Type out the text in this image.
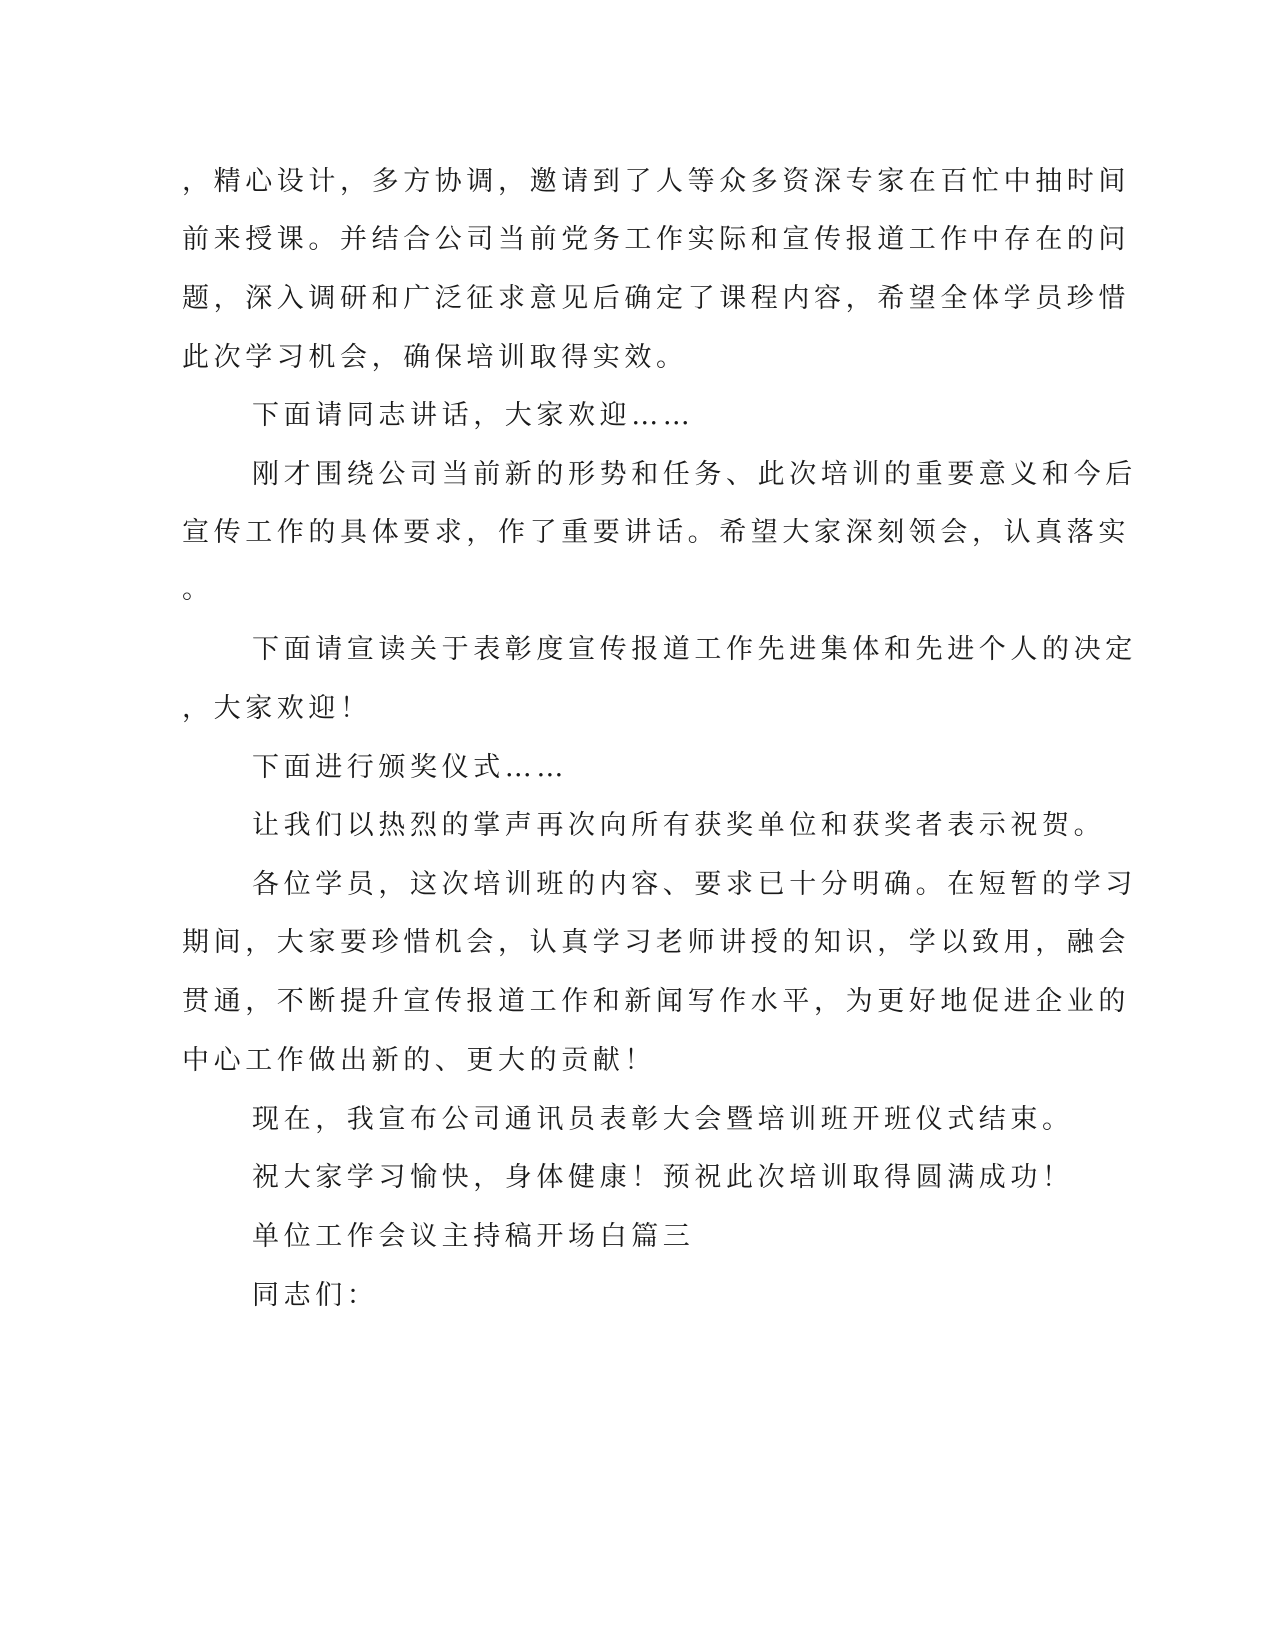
，精心设计，多方协调，邀请到了人等众多资深专家在百忙中抽时间
前来授课。并结合公司当前党务工作实际和宣传报道工作中存在的问
题，深入调研和广泛征求意见后确定了课程内容，希望全体学员珍惜
此次学习机会，确保培训取得实效。
下面请同志讲话，大家欢迎……
刚才围绕公司当前新的形势和任务、此次培训的重要意义和今后
宣传工作的具体要求，作了重要讲话。希望大家深刻领会，认真落实
。
下面请宣读关于表彰度宣传报道工作先进集体和先进个人的决定
，大家欢迎！
下面进行颁奖仪式……
让我们以热烈的掌声再次向所有获奖单位和获奖者表示祝贺。
各位学员，这次培训班的内容、要求已十分明确。在短暂的学习
期间，大家要珍惜机会，认真学习老师讲授的知识，学以致用，融会
贯通，不断提升宣传报道工作和新闻写作水平，为更好地促进企业的
中心工作做出新的、更大的贡献！
现在，我宣布公司通讯员表彰大会暨培训班开班仪式结束。
祝大家学习愉快，身体健康！预祝此次培训取得圆满成功！
单位工作会议主持稿开场白篇三
同志们：
